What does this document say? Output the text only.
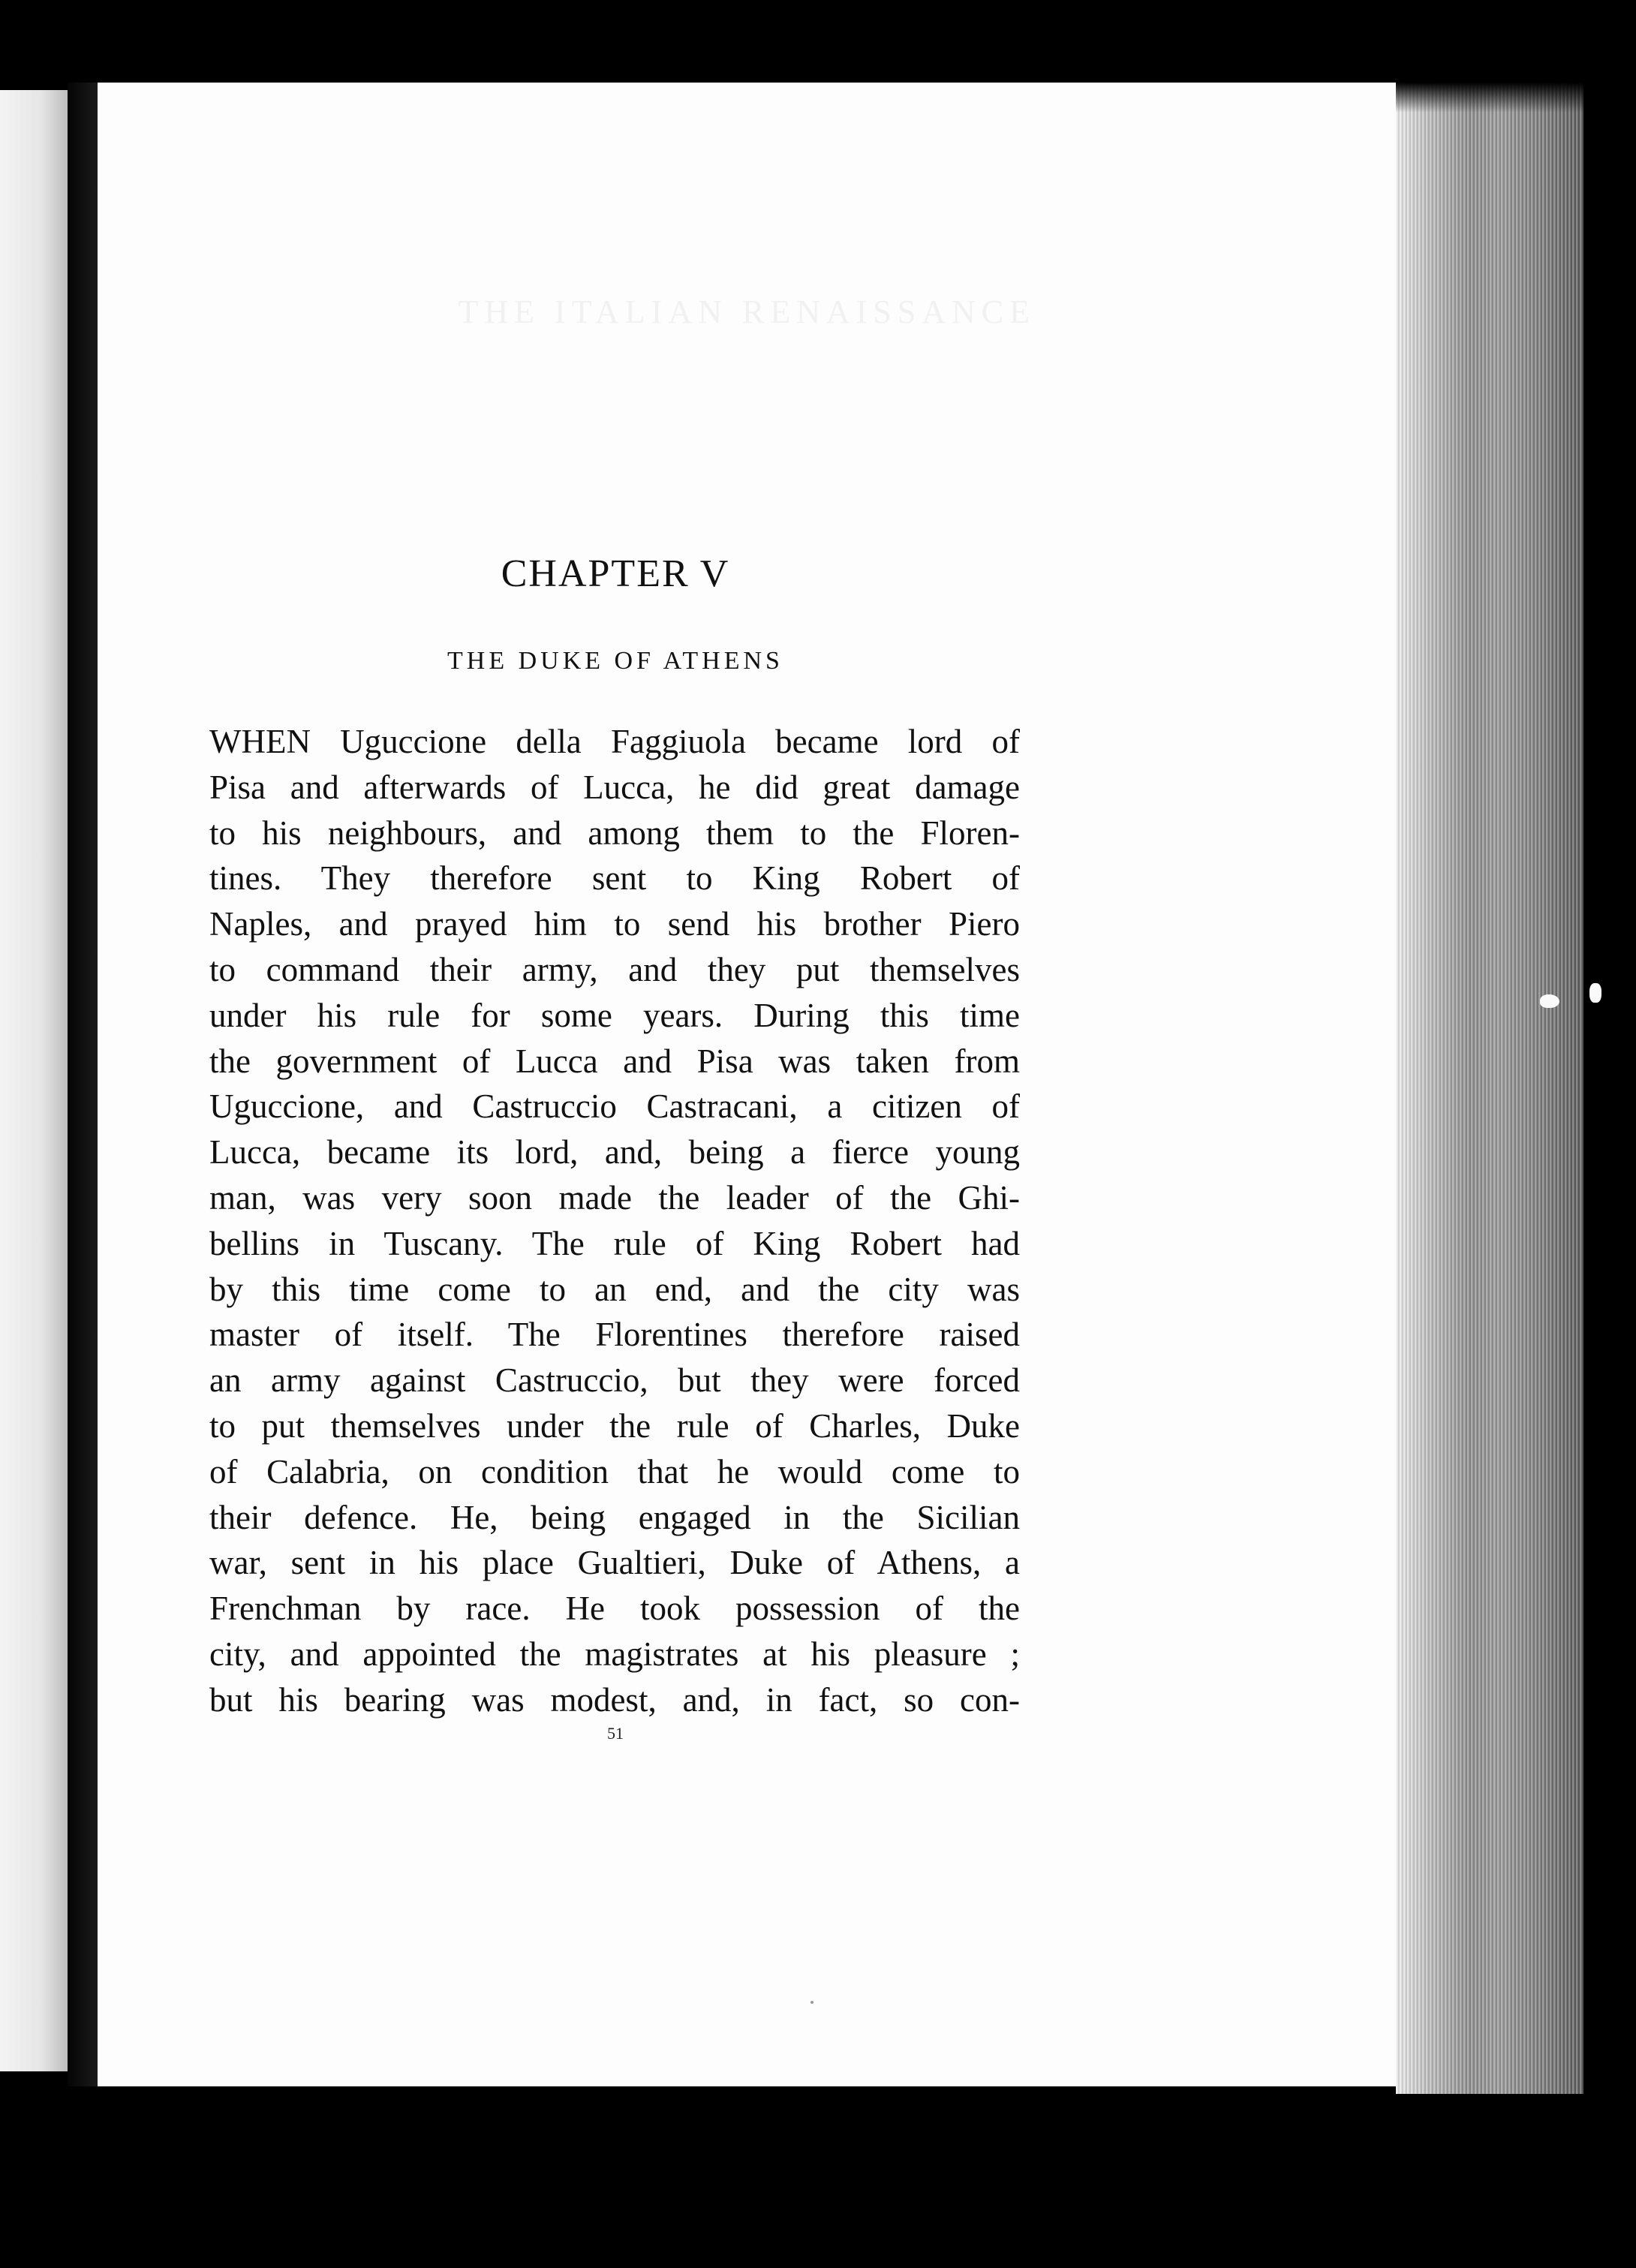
THE ITALIAN RENAISSANCE
CHAPTER V
THE DUKE OF ATHENS
WHEN Uguccione della Faggiuola became lord of
Pisa and afterwards of Lucca, he did great damage
to his neighbours, and among them to the Floren-
tines. They therefore sent to King Robert of
Naples, and prayed him to send his brother Piero
to command their army, and they put themselves
under his rule for some years. During this time
the government of Lucca and Pisa was taken from
Uguccione, and Castruccio Castracani, a citizen of
Lucca, became its lord, and, being a fierce young
man, was very soon made the leader of the Ghi-
bellins in Tuscany. The rule of King Robert had
by this time come to an end, and the city was
master of itself. The Florentines therefore raised
an army against Castruccio, but they were forced
to put themselves under the rule of Charles, Duke
of Calabria, on condition that he would come to
their defence. He, being engaged in the Sicilian
war, sent in his place Gualtieri, Duke of Athens, a
Frenchman by race. He took possession of the
city, and appointed the magistrates at his pleasure ;
but his bearing was modest, and, in fact, so con-
51
